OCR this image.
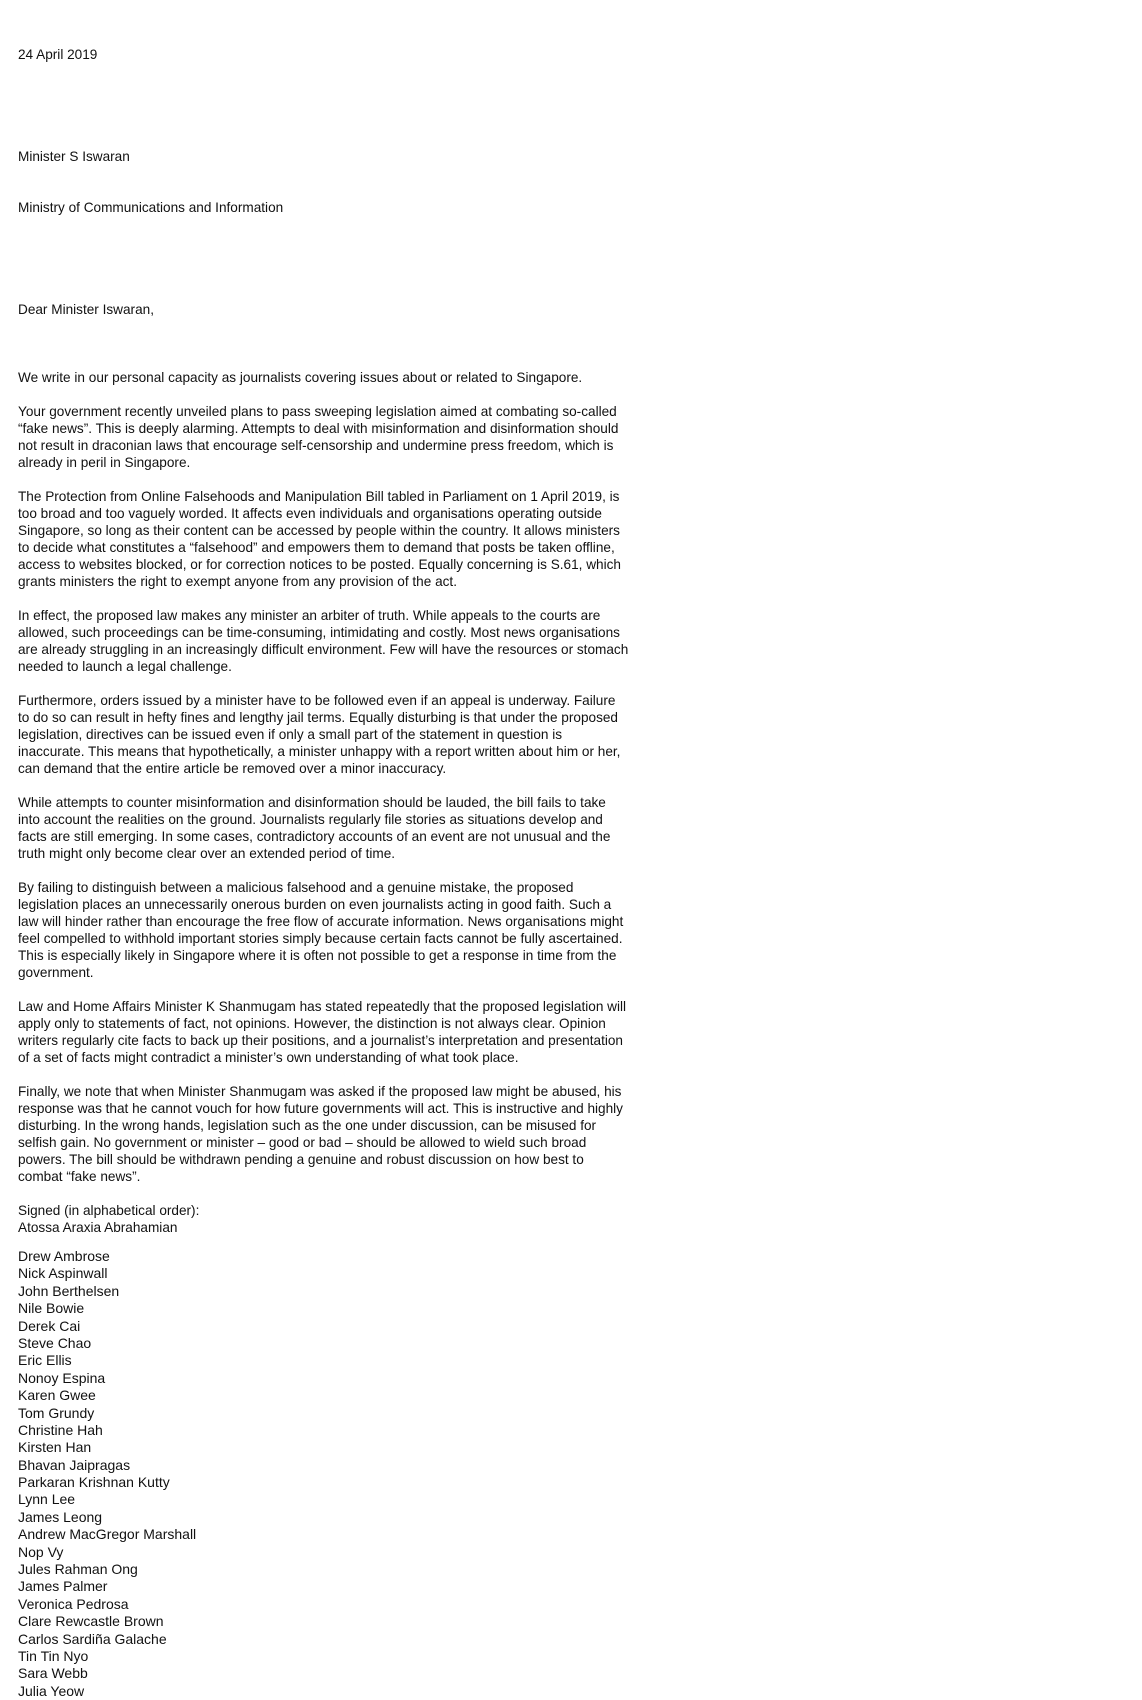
24 April 2019

Minister S Iswaran

Ministry of Communications and Information

Dear Minister Iswaran,

We write in our personal capacity as journalists covering issues about or related to Singapore.
Your government recently unveiled plans to pass sweeping legislation aimed at combating so-called
“fake news”. This is deeply alarming. Attempts to deal with misinformation and disinformation should
not result in draconian laws that encourage self-censorship and undermine press freedom, which is
already in peril in Singapore.
The Protection from Online Falsehoods and Manipulation Bill tabled in Parliament on 1 April 2019, is
too broad and too vaguely worded. It affects even individuals and organisations operating outside
Singapore, so long as their content can be accessed by people within the country. It allows ministers
to decide what constitutes a “falsehood” and empowers them to demand that posts be taken offline,
access to websites blocked, or for correction notices to be posted. Equally concerning is S.61, which
grants ministers the right to exempt anyone from any provision of the act.
In effect, the proposed law makes any minister an arbiter of truth. While appeals to the courts are
allowed, such proceedings can be time-consuming, intimidating and costly. Most news organisations
are already struggling in an increasingly difficult environment. Few will have the resources or stomach
needed to launch a legal challenge.
Furthermore, orders issued by a minister have to be followed even if an appeal is underway. Failure
to do so can result in hefty fines and lengthy jail terms. Equally disturbing is that under the proposed
legislation, directives can be issued even if only a small part of the statement in question is
inaccurate. This means that hypothetically, a minister unhappy with a report written about him or her,
can demand that the entire article be removed over a minor inaccuracy.
While attempts to counter misinformation and disinformation should be lauded, the bill fails to take
into account the realities on the ground. Journalists regularly file stories as situations develop and
facts are still emerging. In some cases, contradictory accounts of an event are not unusual and the
truth might only become clear over an extended period of time.
By failing to distinguish between a malicious falsehood and a genuine mistake, the proposed
legislation places an unnecessarily onerous burden on even journalists acting in good faith. Such a
law will hinder rather than encourage the free flow of accurate information. News organisations might
feel compelled to withhold important stories simply because certain facts cannot be fully ascertained.
This is especially likely in Singapore where it is often not possible to get a response in time from the
government.
Law and Home Affairs Minister K Shanmugam has stated repeatedly that the proposed legislation will
apply only to statements of fact, not opinions. However, the distinction is not always clear. Opinion
writers regularly cite facts to back up their positions, and a journalist’s interpretation and presentation
of a set of facts might contradict a minister’s own understanding of what took place.
Finally, we note that when Minister Shanmugam was asked if the proposed law might be abused, his
response was that he cannot vouch for how future governments will act. This is instructive and highly
disturbing. In the wrong hands, legislation such as the one under discussion, can be misused for
selfish gain. No government or minister – good or bad – should be allowed to wield such broad
powers. The bill should be withdrawn pending a genuine and robust discussion on how best to
combat “fake news”.
Signed (in alphabetical order):
Atossa Araxia Abrahamian
Drew Ambrose
Nick Aspinwall
John Berthelsen
Nile Bowie
Derek Cai
Steve Chao
Eric Ellis
Nonoy Espina
Karen Gwee
Tom Grundy
Christine Hah
Kirsten Han
Bhavan Jaipragas
Parkaran Krishnan Kutty
Lynn Lee
James Leong
Andrew MacGregor Marshall
Nop Vy
Jules Rahman Ong
James Palmer
Veronica Pedrosa
Clare Rewcastle Brown
Carlos Sardiña Galache
Tin Tin Nyo
Sara Webb
Julia Yeow
